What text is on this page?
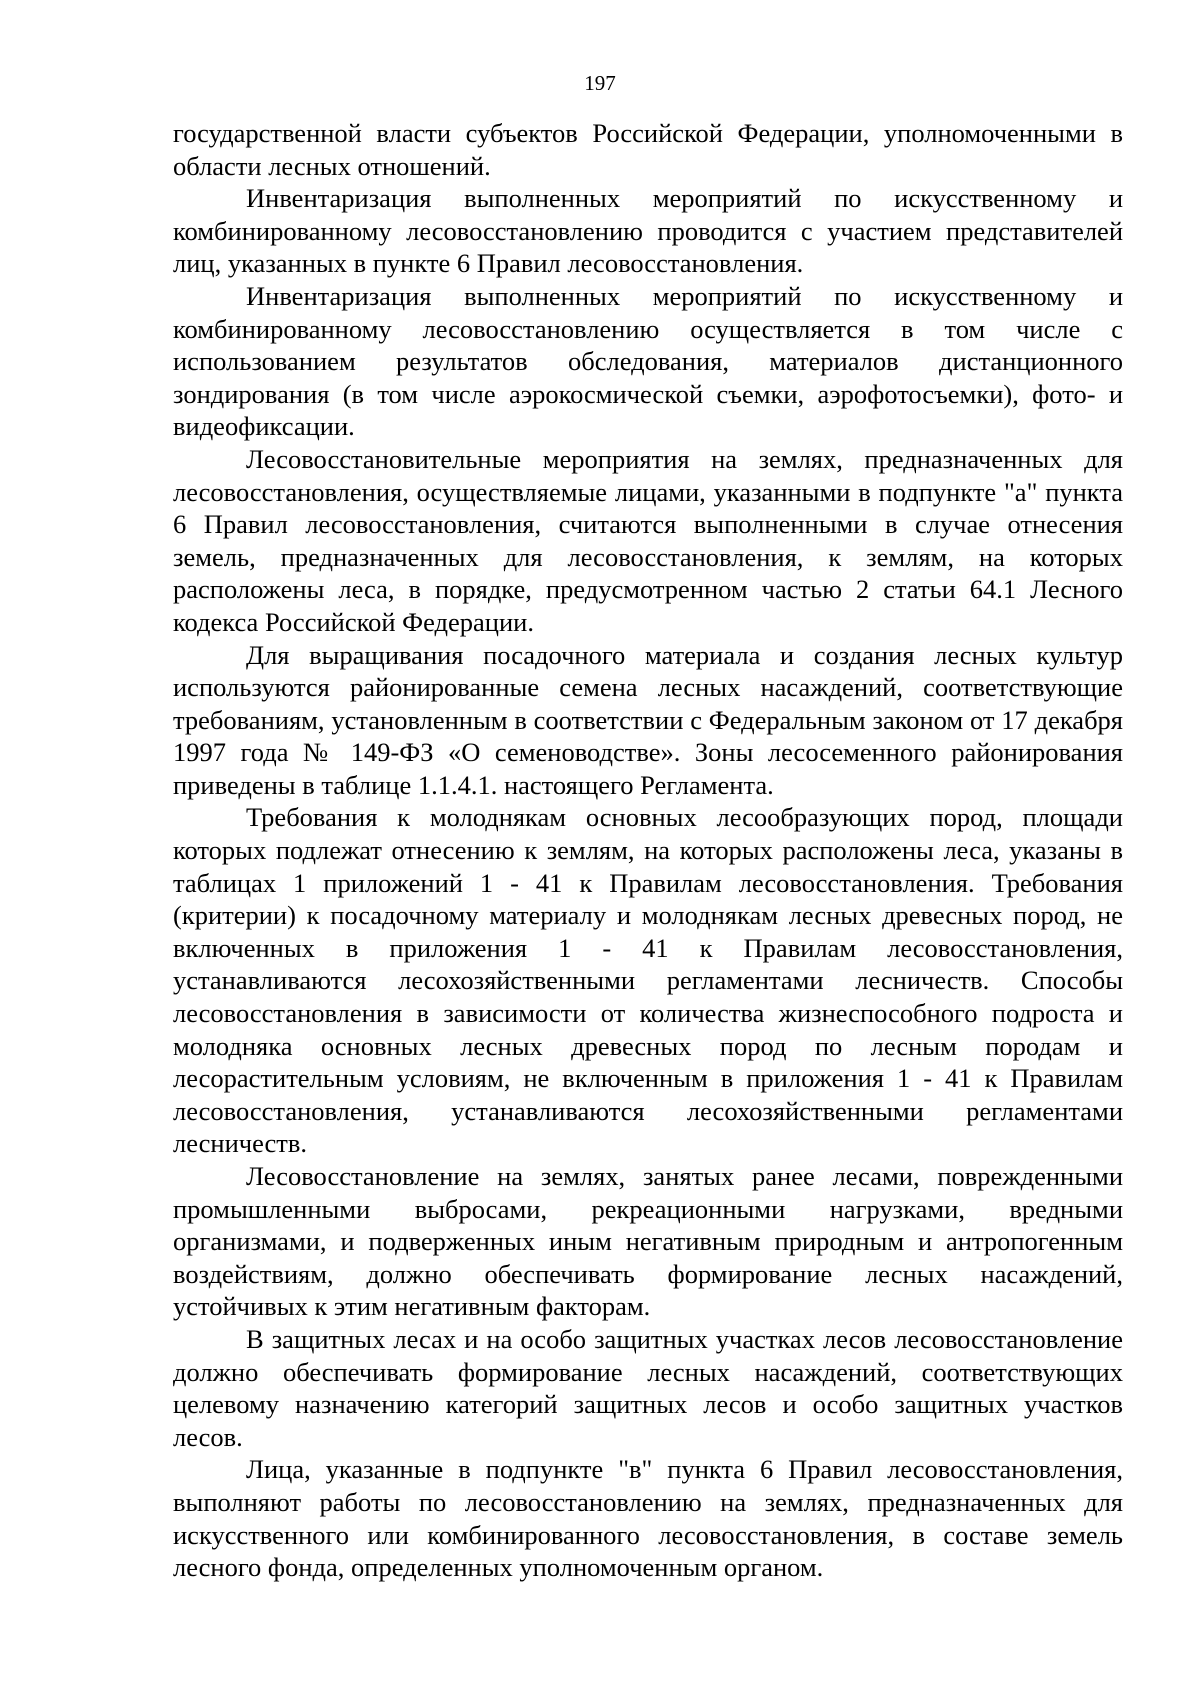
197

государственной власти субъектов Российской Федерации, уполномоченными в области лесных отношений.

Инвентаризация выполненных мероприятий по искусственному и комбинированному лесовосстановлению проводится с участием представителей лиц, указанных в пункте 6 Правил лесовосстановления.

Инвентаризация выполненных мероприятий по искусственному и комбинированному лесовосстановлению осуществляется в том числе с использованием результатов обследования, материалов дистанционного зондирования (в том числе аэрокосмической съемки, аэрофотосъемки), фото- и видеофиксации.

Лесовосстановительные мероприятия на землях, предназначенных для лесовосстановления, осуществляемые лицами, указанными в подпункте "а" пункта 6 Правил лесовосстановления, считаются выполненными в случае отнесения земель, предназначенных для лесовосстановления, к землям, на которых расположены леса, в порядке, предусмотренном частью 2 статьи 64.1 Лесного кодекса Российской Федерации.

Для выращивания посадочного материала и создания лесных культур используются районированные семена лесных насаждений, соответствующие требованиям, установленным в соответствии с Федеральным законом от 17 декабря 1997 года № 149-ФЗ «О семеноводстве». Зоны лесосеменного районирования приведены в таблице 1.1.4.1. настоящего Регламента.

Требования к молоднякам основных лесообразующих пород, площади которых подлежат отнесению к землям, на которых расположены леса, указаны в таблицах 1 приложений 1 - 41 к Правилам лесовосстановления. Требования (критерии) к посадочному материалу и молоднякам лесных древесных пород, не включенных в приложения 1 - 41 к Правилам лесовосстановления, устанавливаются лесохозяйственными регламентами лесничеств. Способы лесовосстановления в зависимости от количества жизнеспособного подроста и молодняка основных лесных древесных пород по лесным породам и лесорастительным условиям, не включенным в приложения 1 - 41 к Правилам лесовосстановления, устанавливаются лесохозяйственными регламентами лесничеств.

Лесовосстановление на землях, занятых ранее лесами, поврежденными промышленными выбросами, рекреационными нагрузками, вредными организмами, и подверженных иным негативным природным и антропогенным воздействиям, должно обеспечивать формирование лесных насаждений, устойчивых к этим негативным факторам.

В защитных лесах и на особо защитных участках лесов лесовосстановление должно обеспечивать формирование лесных насаждений, соответствующих целевому назначению категорий защитных лесов и особо защитных участков лесов.

Лица, указанные в подпункте "в" пункта 6 Правил лесовосстановления, выполняют работы по лесовосстановлению на землях, предназначенных для искусственного или комбинированного лесовосстановления, в составе земель лесного фонда, определенных уполномоченным органом.
